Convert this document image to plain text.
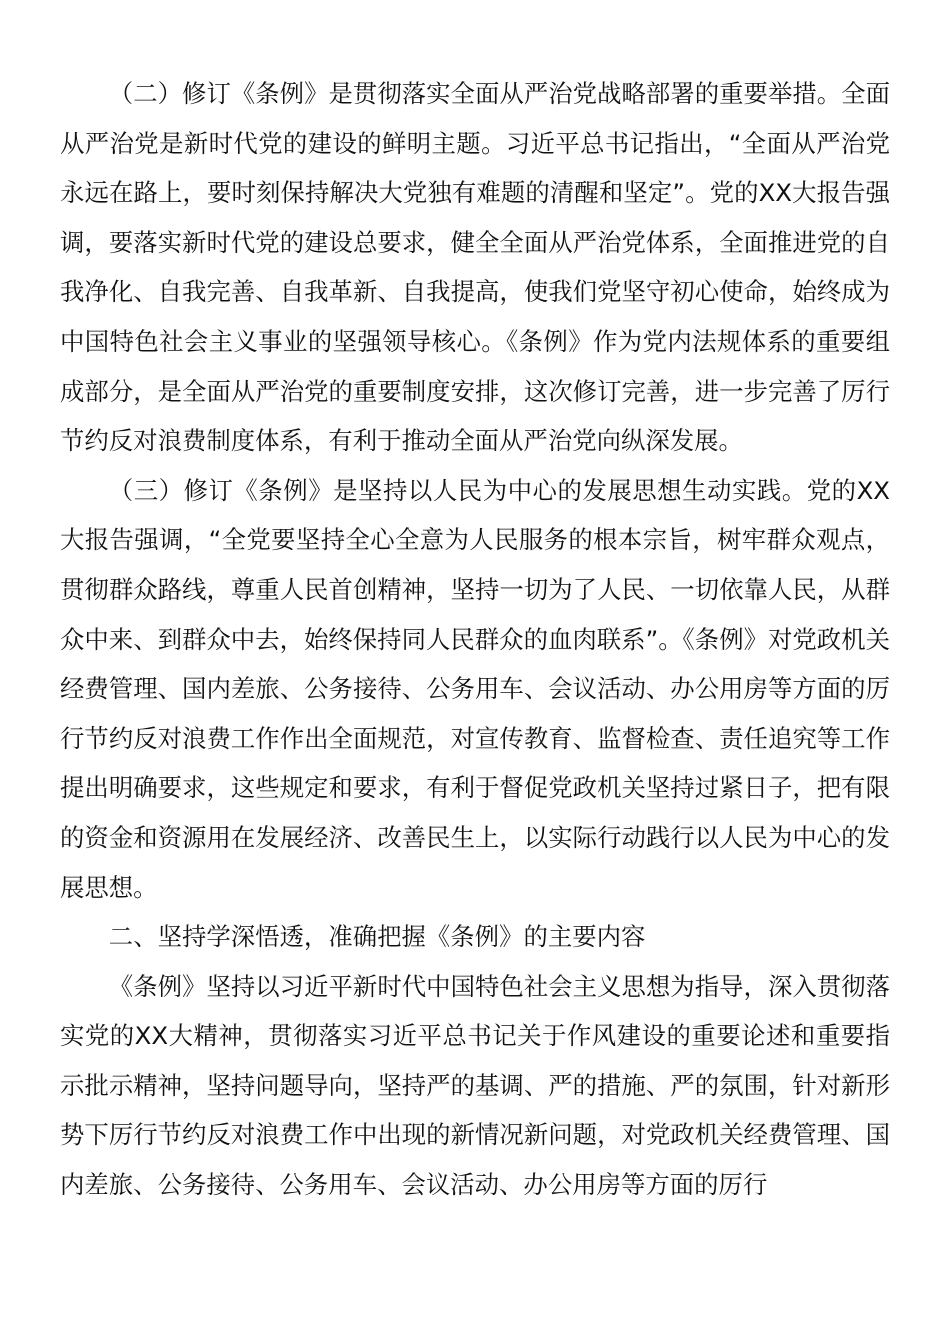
（二）修订《条例》是贯彻落实全面从严治党战略部署的重要举措。全面从严治党是新时代党的建设的鲜明主题。习近平总书记指出，“全面从严治党永远在路上，要时刻保持解决大党独有难题的清醒和坚定”。党的XX大报告强调，要落实新时代党的建设总要求，健全全面从严治党体系，全面推进党的自我净化、自我完善、自我革新、自我提高，使我们党坚守初心使命，始终成为中国特色社会主义事业的坚强领导核心。《条例》作为党内法规体系的重要组成部分，是全面从严治党的重要制度安排，这次修订完善，进一步完善了厉行节约反对浪费制度体系，有利于推动全面从严治党向纵深发展。

（三）修订《条例》是坚持以人民为中心的发展思想生动实践。党的XX大报告强调，“全党要坚持全心全意为人民服务的根本宗旨，树牢群众观点，贯彻群众路线，尊重人民首创精神，坚持一切为了人民、一切依靠人民，从群众中来、到群众中去，始终保持同人民群众的血肉联系”。《条例》对党政机关经费管理、国内差旅、公务接待、公务用车、会议活动、办公用房等方面的厉行节约反对浪费工作作出全面规范，对宣传教育、监督检查、责任追究等工作提出明确要求，这些规定和要求，有利于督促党政机关坚持过紧日子，把有限的资金和资源用在发展经济、改善民生上，以实际行动践行以人民为中心的发展思想。

二、坚持学深悟透，准确把握《条例》的主要内容

《条例》坚持以习近平新时代中国特色社会主义思想为指导，深入贯彻落实党的XX大精神，贯彻落实习近平总书记关于作风建设的重要论述和重要指示批示精神，坚持问题导向，坚持严的基调、严的措施、严的氛围，针对新形势下厉行节约反对浪费工作中出现的新情况新问题，对党政机关经费管理、国内差旅、公务接待、公务用车、会议活动、办公用房等方面的厉行
